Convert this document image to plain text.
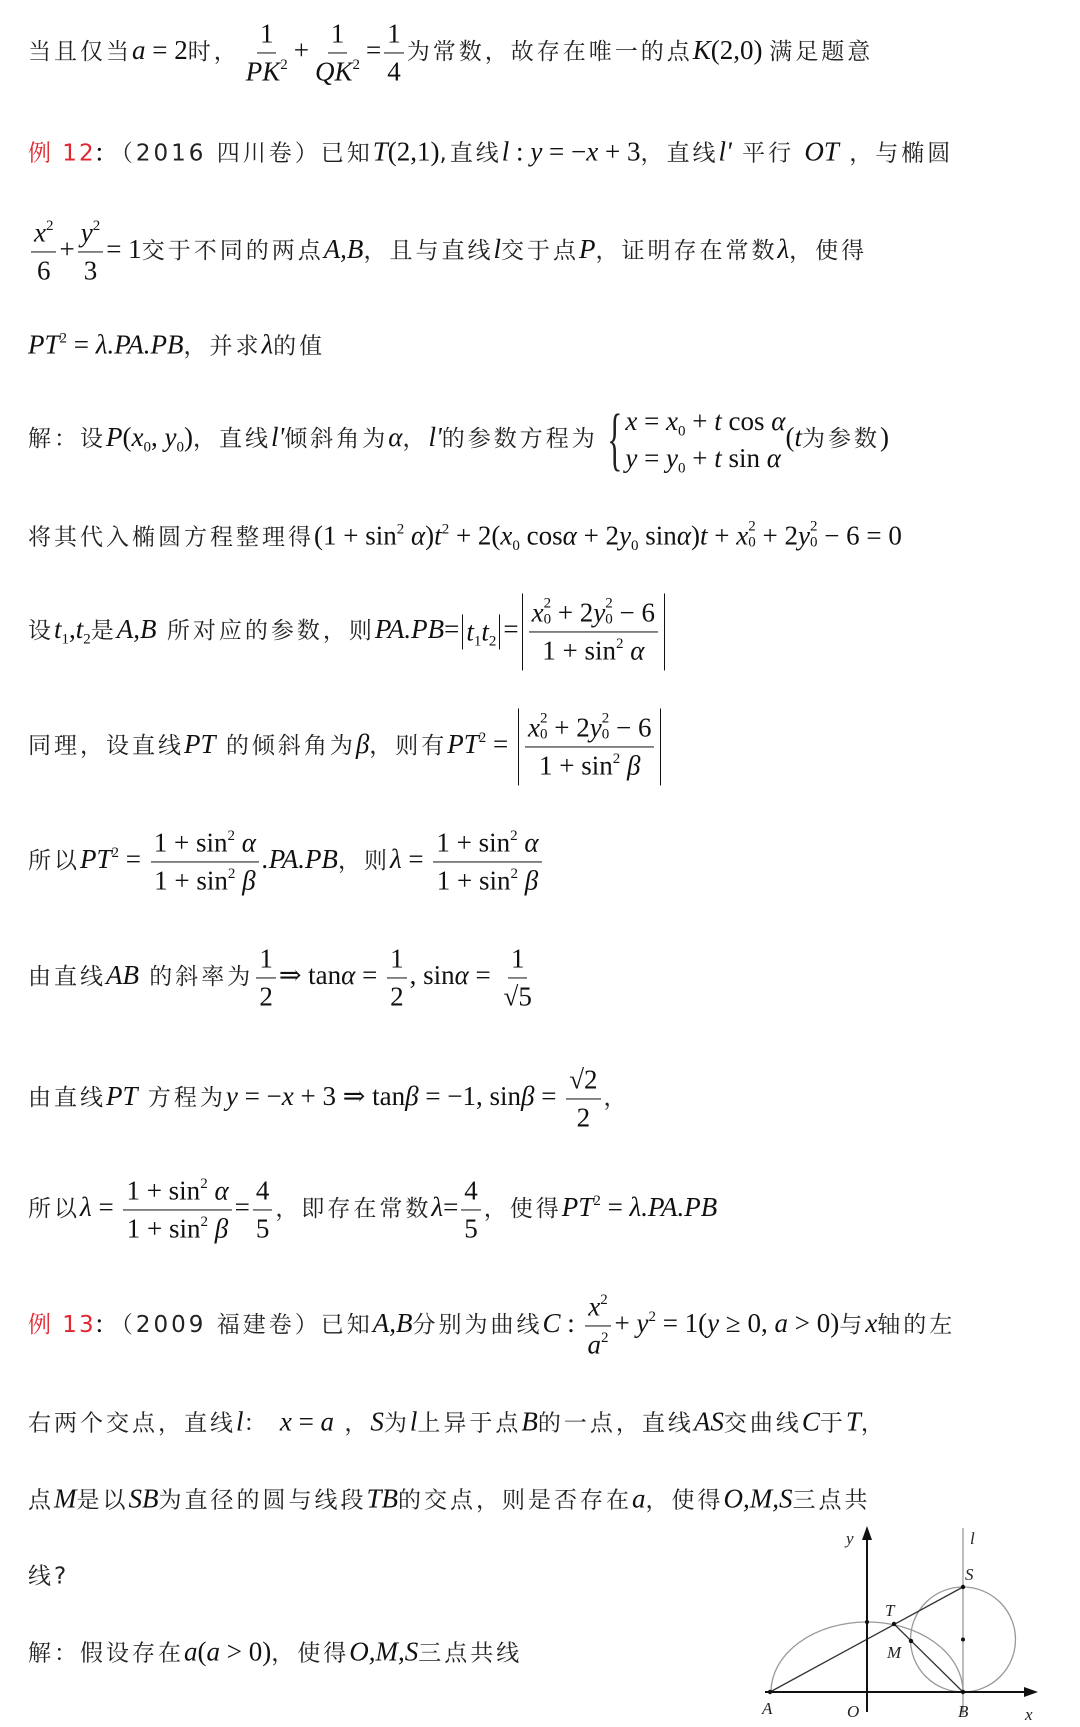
当且仅当a = 2时， $\frac{1}{PK^2} + \frac{1}{QK^2} = \frac{1}{4}$ 为常数，故存在唯一的点K(2,0) 满足题意
例 12: （2016 四川卷）已知T(2,1),直线l : y = −x + 3，直线l' 平行 OT ，与椭圆
$\frac{x^2}{6} + \frac{y^2}{3} = 1$交于不同的两点A,B，且与直线l交于点P，证明存在常数λ，使得
$PT^2 = \lambda.PA.PB$，并求λ的值
解：设$P(x_0$, $y_0$)，直线l'倾斜角为α，l'的参数方程为 { $x = x_0 + t$ cos α
$y = y_0 + t$ sin α
(t为参数)
将其代入椭圆方程整理得$(1 + \sin^2 \alpha)t^2 + 2(x_0$ $\cos\alpha + 2y_0$ sinα)t + x 0
2 + 2y 0
2 − 6 = 0
设$t_1,t_2$是A,B 所对应的参数，则$PA.PB= t_1t_2 = x$ 0
2 + 2y 0
2 − 6
$1 + \sin^2 \alpha$
同理，设直线PT 的倾斜角为β，则有$PT^2 = x$ 0
2 + 2y 0
2 − 6
$1 + \sin^2 \beta$
所以$PT^2 = \frac{1 + \sin^2 \alpha}{1 + \sin^2 \beta} .PA.PB$，则$\lambda = \frac{1 + \sin^2 \alpha}{1 + \sin^2 \beta}$
由直线AB 的斜率为 $\frac{1}{2}$ ⇒ $\tan\alpha = \frac{1}{2}$ , $\sin\alpha = \frac{1}{√5}$
由直线PT 方程为y = −x + 3 ⇒ tanβ = −1, $\sin\beta = \frac{√2}{2}$ ，
所以$\lambda = \frac{1 + \sin^2 \alpha}{1 + \sin^2 \beta} = \frac{4}{5}$ ，即存在常数$\lambda= \frac{4}{5}$ ，使得$PT^2 = \lambda.PA.PB$
例 13: （2009 福建卷）已知A,B分别为曲线C : $\frac{x^2}{a^2} + y^2 = 1(y \ge 0$, a > 0)与x轴的左
右两个交点，直线l： x = a ，S为l上异于点B的一点，直线AS交曲线C于T，
点M是以SB为直径的圆与线段TB的交点，则是否存在a，使得O,M,S三点共
线?
解：假设存在a(a > 0)，使得O,M,S三点共线
y	l
S
T
M
A	O	B	x
